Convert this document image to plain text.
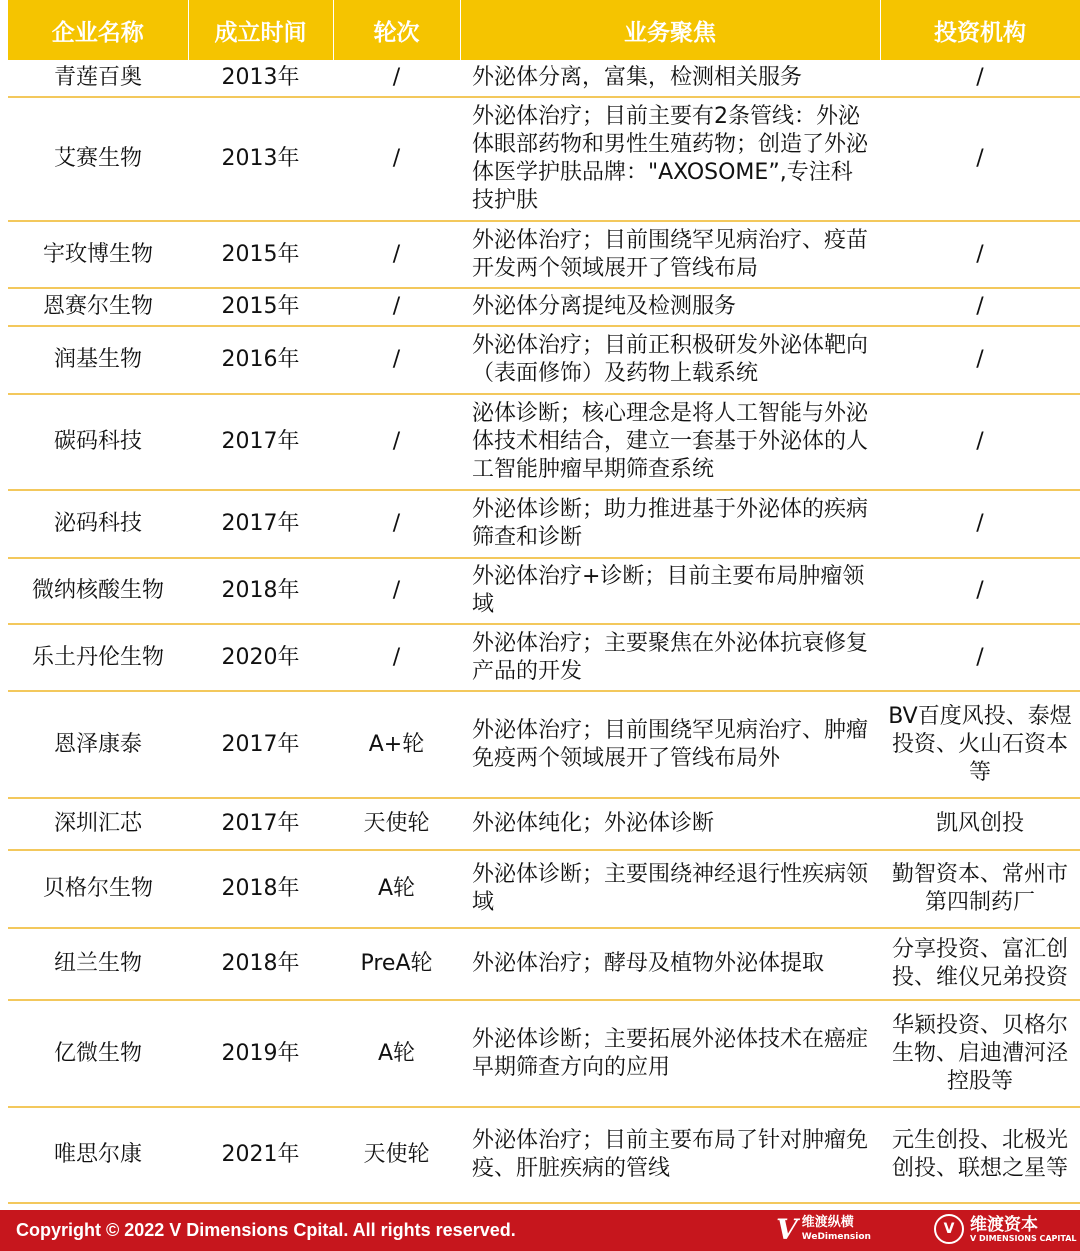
企业名称	成立时间	轮次	业务聚焦	投资机构
青莲百奥	2013年	/	外泌体分离，富集，检测相关服务	/
艾赛生物	2013年	/	外泌体治疗；目前主要有2条管线：外泌体眼部药物和男性生殖药物；创造了外泌体医学护肤品牌："AXOSOME”,专注科技护肤	/
宇玫博生物	2015年	/	外泌体治疗；目前围绕罕见病治疗、疫苗开发两个领域展开了管线布局	/
恩赛尔生物	2015年	/	外泌体分离提纯及检测服务	/
润基生物	2016年	/	外泌体治疗；目前正积极研发外泌体靶向（表面修饰）及药物上载系统	/
碳码科技	2017年	/	泌体诊断；核心理念是将人工智能与外泌体技术相结合，建立一套基于外泌体的人工智能肿瘤早期筛查系统	/
泌码科技	2017年	/	外泌体诊断；助力推进基于外泌体的疾病筛查和诊断	/
微纳核酸生物	2018年	/	外泌体治疗+诊断；目前主要布局肿瘤领域	/
乐土丹伦生物	2020年	/	外泌体治疗；主要聚焦在外泌体抗衰修复产品的开发	/
恩泽康泰	2017年	A+轮	外泌体治疗；目前围绕罕见病治疗、肿瘤免疫两个领域展开了管线布局外	BV百度风投、泰煜投资、火山石资本等
深圳汇芯	2017年	天使轮	外泌体纯化；外泌体诊断	凯风创投
贝格尔生物	2018年	A轮	外泌体诊断；主要围绕神经退行性疾病领域	勤智资本、常州市第四制药厂
纽兰生物	2018年	PreA轮	外泌体治疗；酵母及植物外泌体提取	分享投资、富汇创投、维仪兄弟投资
亿微生物	2019年	A轮	外泌体诊断；主要拓展外泌体技术在癌症早期筛查方向的应用	华颖投资、贝格尔生物、启迪漕河泾控股等
唯思尔康	2021年	天使轮	外泌体治疗；目前主要布局了针对肿瘤免疫、肝脏疾病的管线	元生创投、北极光创投、联想之星等
Copyright © 2022 V Dimensions Cpital. All rights reserved.	V 维渡纵横
WeDimension	V 维渡资本
V DIMENSIONS CAPITAL
